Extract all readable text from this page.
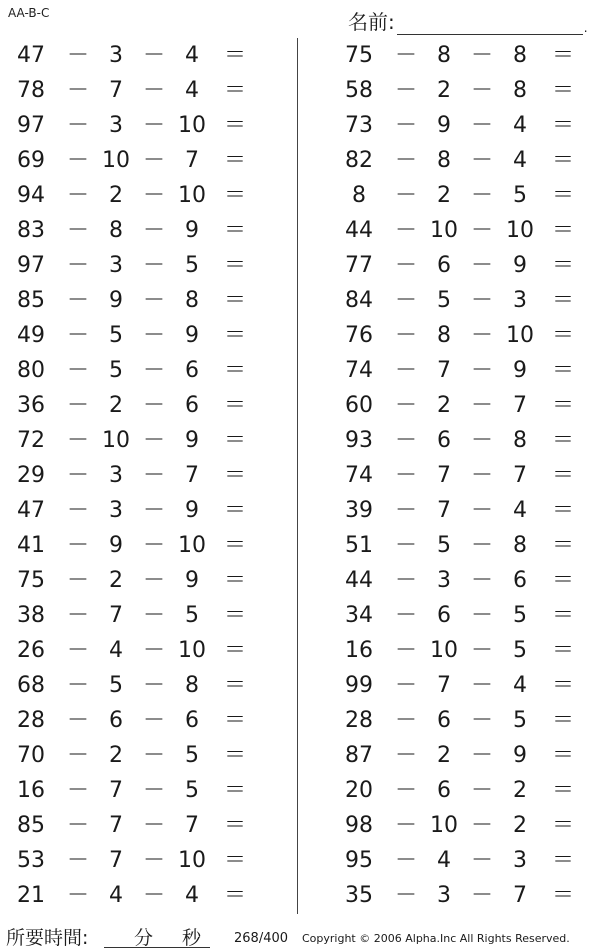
AA-B-C	名前:	.
47 － 3 － 4	＝
78 － 7 － 4	＝
97 － 3 － 10 ＝
69 － 10 － 7	＝
94 － 2 － 10 ＝
83 － 8 － 9	＝
97 － 3 － 5	＝
85 － 9 － 8	＝
49 － 5 － 9	＝
80 － 5 － 6	＝
36 － 2 － 6	＝
72 － 10 － 9	＝
29 － 3 － 7	＝
47 － 3 － 9	＝
41 － 9 － 10 ＝
75 － 2 － 9	＝
38 － 7 － 5	＝
26 － 4 － 10 ＝
68 － 5 － 8	＝
28 － 6 － 6	＝
70 － 2 － 5	＝
16 － 7 － 5	＝
85 － 7 － 7	＝
53 － 7 － 10 ＝
21 － 4 － 4	＝
75 － 8 － 8	＝
58 － 2 － 8	＝
73 － 9 － 4	＝
82 － 8 － 4	＝
8	－ 2 － 5	＝
44 － 10 － 10 ＝
77 － 6 － 9	＝
84 － 5 － 3	＝
76 － 8 － 10 ＝
74 － 7 － 9	＝
60 － 2 － 7	＝
93 － 6 － 8	＝
74 － 7 － 7	＝
39 － 7 － 4	＝
51 － 5 － 8	＝
44 － 3 － 6	＝
34 － 6 － 5	＝
16 － 10 － 5	＝
99 － 7 － 4	＝
28 － 6 － 5	＝
87 － 2 － 9	＝
20 － 6 － 2	＝
98 － 10 － 2	＝
95 － 4 － 3	＝
35 － 3 － 7	＝
所要時間: 分 秒	268/400 Copyright © 2006 Alpha.Inc All Rights Reserved.
